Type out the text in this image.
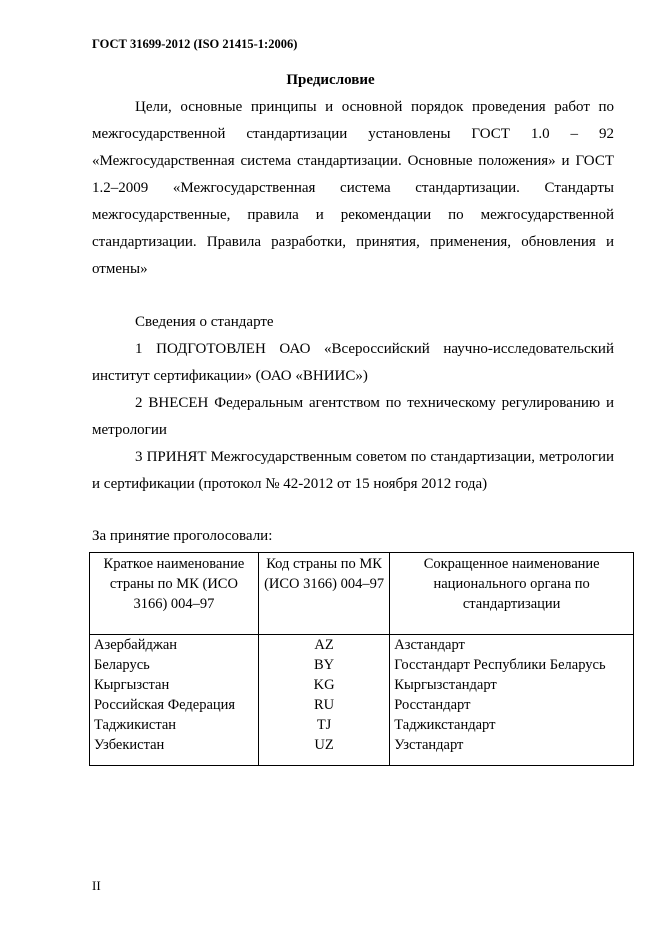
ГОСТ 31699-2012 (ISO 21415-1:2006)
Предисловие

Цели, основные принципы и основной порядок проведения работ по межгосударственной стандартизации установлены ГОСТ 1.0 – 92 «Межгосударственная система стандартизации. Основные положения» и ГОСТ 1.2–2009 «Межгосударственная система стандартизации. Стандарты межгосударственные, правила и рекомендации по межгосударственной стандартизации. Правила разработки, принятия, применения, обновления и отмены»

Сведения о стандарте

1 ПОДГОТОВЛЕН ОАО «Всероссийский научно-исследовательский институт сертификации» (ОАО «ВНИИС»)

2 ВНЕСЕН Федеральным агентством по техническому регулированию и метрологии

3 ПРИНЯТ Межгосударственным советом по стандартизации, метрологии и сертификации (протокол № 42-2012 от 15 ноября 2012 года)

За принятие проголосовали:

Краткое наименование страны по МК (ИСО 3166) 004–97	Код страны по МК (ИСО 3166) 004–97	Сокращенное наименование национального органа по стандартизации
Азербайджан	AZ	Азстандарт
Беларусь	BY	Госстандарт Республики Беларусь
Кыргызстан	KG	Кыргызстандарт
Российская Федерация	RU	Росстандарт
Таджикистан	TJ	Таджикстандарт
Узбекистан	UZ	Узстандарт
II
